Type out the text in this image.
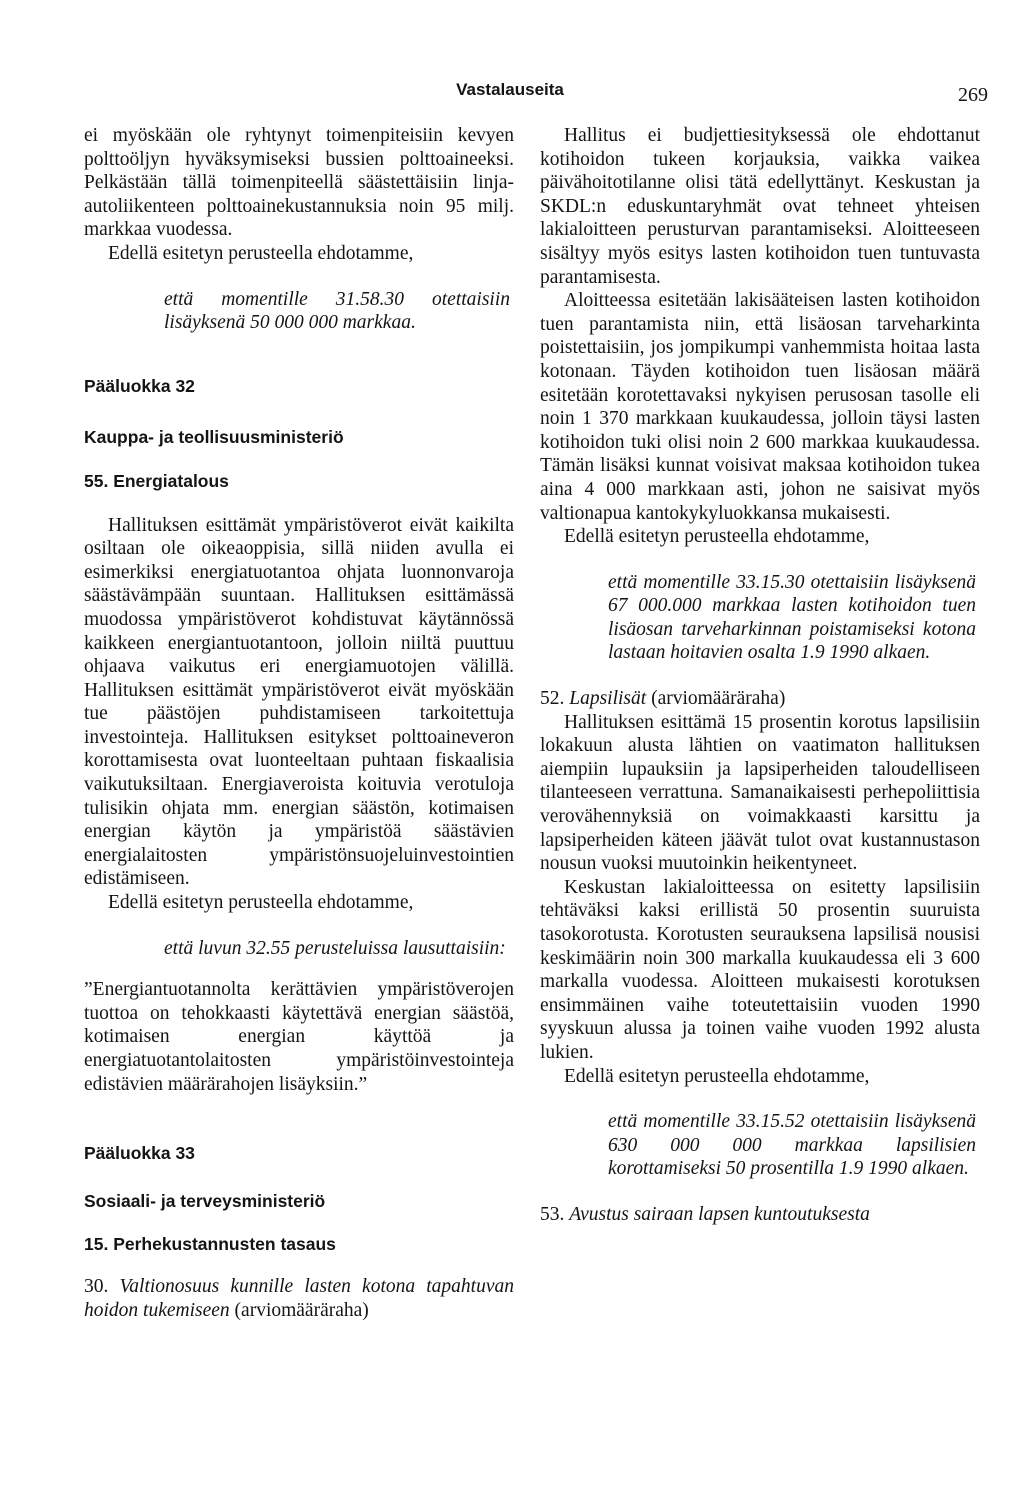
Vastalauseita	269

ei myöskään ole ryhtynyt toimenpiteisiin kevyen polttoöljyn hyväksymiseksi bussien polttoaineeksi. Pelkästään tällä toimenpiteellä säästettäisiin linja-autoliikenteen polttoainekustannuksia noin 95 milj. markkaa vuodessa.

Edellä esitetyn perusteella ehdotamme,

että momentille 31.58.30 otettaisiin lisäyksenä 50 000 000 markkaa.

Pääluokka 32

Kauppa- ja teollisuusministeriö

55. Energiatalous

Hallituksen esittämät ympäristöverot eivät kaikilta osiltaan ole oikeaoppisia, sillä niiden avulla ei esimerkiksi energiatuotantoa ohjata luonnonvaroja säästävämpään suuntaan. Hallituksen esittämässä muodossa ympäristöverot kohdistuvat käytännössä kaikkeen energiantuotantoon, jolloin niiltä puuttuu ohjaava vaikutus eri energiamuotojen välillä. Hallituksen esittämät ympäristöverot eivät myöskään tue päästöjen puhdistamiseen tarkoitettuja investointeja. Hallituksen esitykset polttoaineveron korottamisesta ovat luonteeltaan puhtaan fiskaalisia vaikutuksiltaan. Energiaveroista koituvia verotuloja tulisikin ohjata mm. energian säästön, kotimaisen energian käytön ja ympäristöä säästävien energialaitosten ympäristönsuojeluinvestointien edistämiseen.

Edellä esitetyn perusteella ehdotamme,

että luvun 32.55 perusteluissa lausuttaisiin:

”Energiantuotannolta kerättävien ympäristöverojen tuottoa on tehokkaasti käytettävä energian säästöä, kotimaisen energian käyttöä ja energiatuotantolaitosten ympäristöinvestointeja edistävien määrärahojen lisäyksiin.”

Pääluokka 33

Sosiaali- ja terveysministeriö

15. Perhekustannusten tasaus

30. Valtionosuus kunnille lasten kotona tapahtuvan hoidon tukemiseen (arviomääräraha)

Hallitus ei budjettiesityksessä ole ehdottanut kotihoidon tukeen korjauksia, vaikka vaikea päivähoitotilanne olisi tätä edellyttänyt. Keskustan ja SKDL:n eduskuntaryhmät ovat tehneet yhteisen lakialoitteen perusturvan parantamiseksi. Aloitteeseen sisältyy myös esitys lasten kotihoidon tuen tuntuvasta parantamisesta.

Aloitteessa esitetään lakisääteisen lasten kotihoidon tuen parantamista niin, että lisäosan tarveharkinta poistettaisiin, jos jompikumpi vanhemmista hoitaa lasta kotonaan. Täyden kotihoidon tuen lisäosan määrä esitetään korotettavaksi nykyisen perusosan tasolle eli noin 1 370 markkaan kuukaudessa, jolloin täysi lasten kotihoidon tuki olisi noin 2 600 markkaa kuukaudessa. Tämän lisäksi kunnat voisivat maksaa kotihoidon tukea aina 4 000 markkaan asti, johon ne saisivat myös valtionapua kantokykyluokkansa mukaisesti.

Edellä esitetyn perusteella ehdotamme,

että momentille 33.15.30 otettaisiin lisäyksenä 67 000.000 markkaa lasten kotihoidon tuen lisäosan tarveharkinnan poistamiseksi kotona lastaan hoitavien osalta 1.9 1990 alkaen.

52. Lapsilisät (arviomääräraha)

Hallituksen esittämä 15 prosentin korotus lapsilisiin lokakuun alusta lähtien on vaatimaton hallituksen aiempiin lupauksiin ja lapsiperheiden taloudelliseen tilanteeseen verrattuna. Samanaikaisesti perhepoliittisia verovähennyksiä on voimakkaasti karsittu ja lapsiperheiden käteen jäävät tulot ovat kustannustason nousun vuoksi muutoinkin heikentyneet.

Keskustan lakialoitteessa on esitetty lapsilisiin tehtäväksi kaksi erillistä 50 prosentin suuruista tasokorotusta. Korotusten seurauksena lapsilisä nousisi keskimäärin noin 300 markalla kuukaudessa eli 3 600 markalla vuodessa. Aloitteen mukaisesti korotuksen ensimmäinen vaihe toteutettaisiin vuoden 1990 syyskuun alussa ja toinen vaihe vuoden 1992 alusta lukien.

Edellä esitetyn perusteella ehdotamme,

että momentille 33.15.52 otettaisiin lisäyksenä 630 000 000 markkaa lapsilisien korottamiseksi 50 prosentilla 1.9 1990 alkaen.

53. Avustus sairaan lapsen kuntoutuksesta
